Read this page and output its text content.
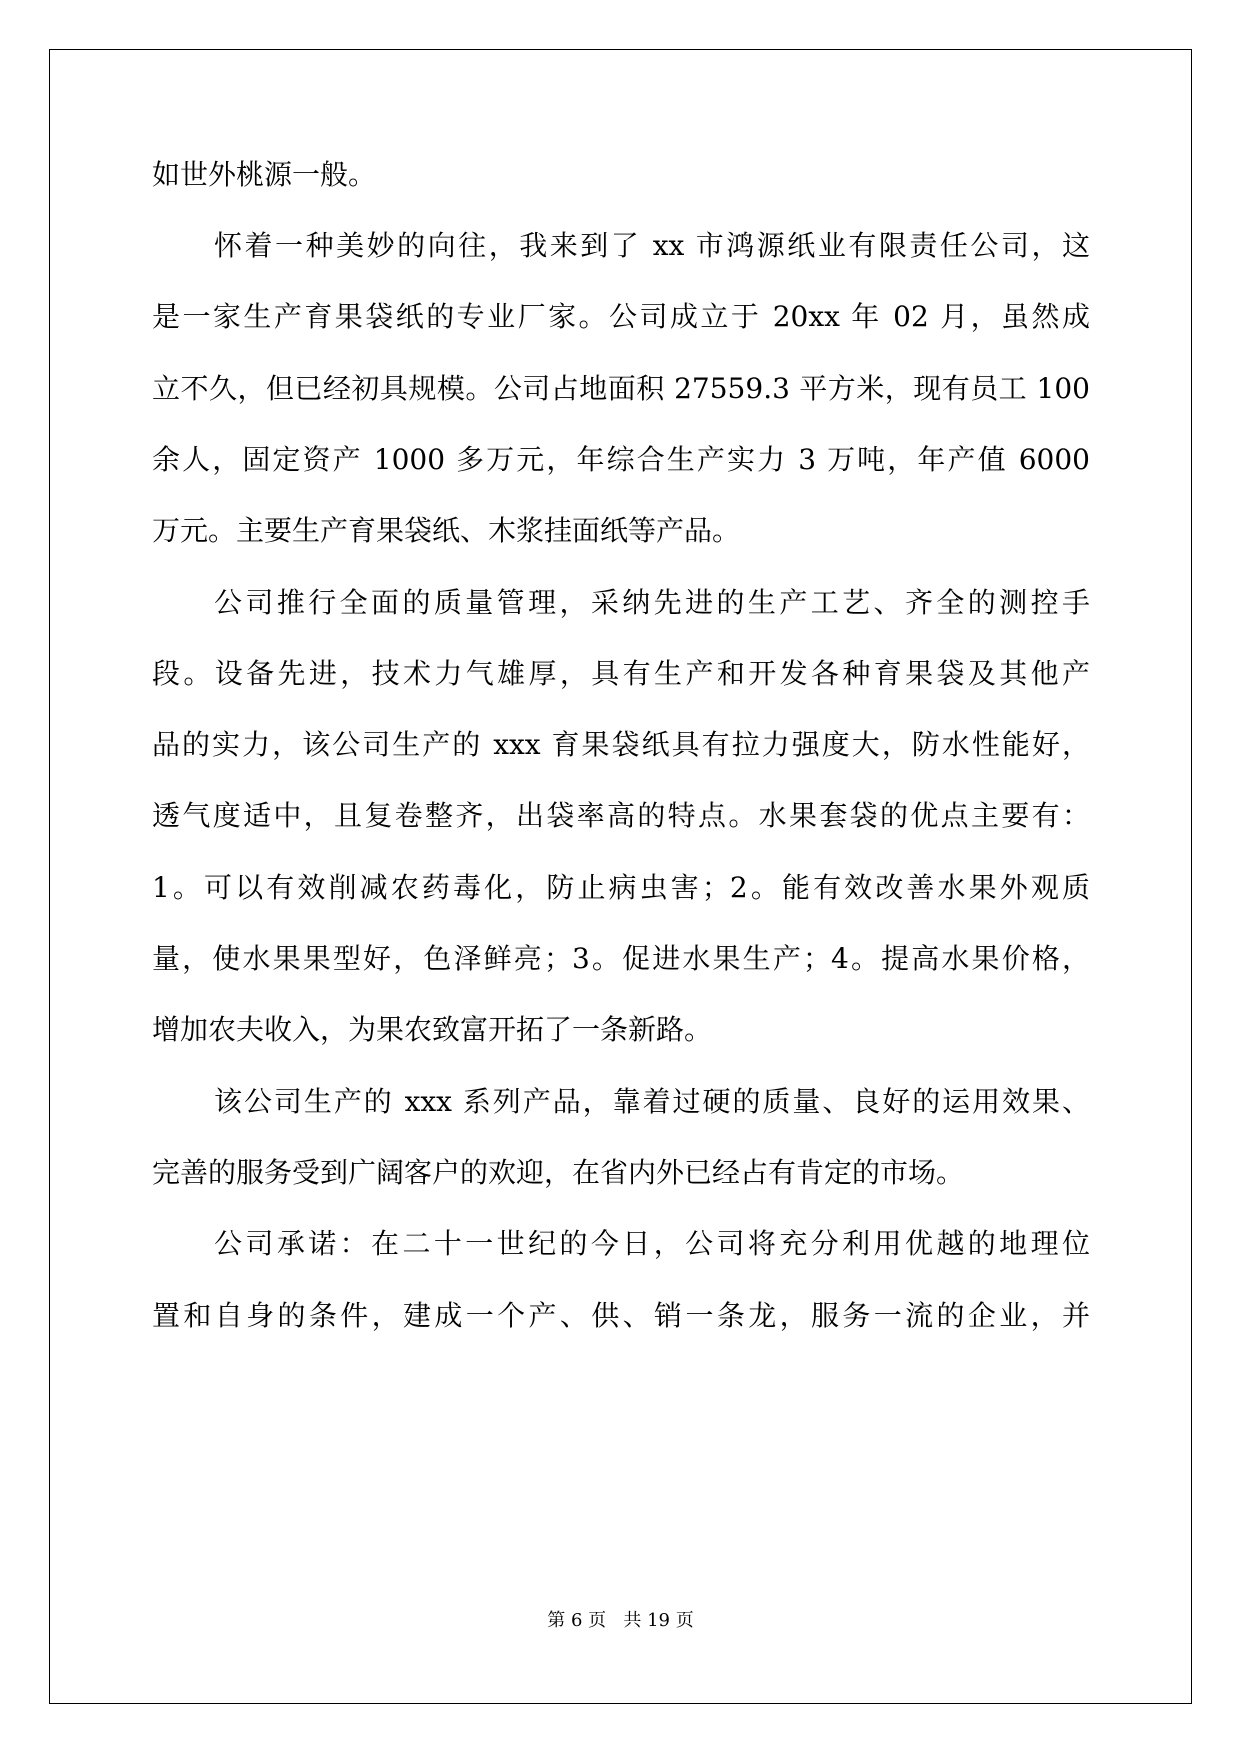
如世外桃源一般。
怀着一种美妙的向往，我来到了 xx 市鸿源纸业有限责任公司，这
是一家生产育果袋纸的专业厂家。公司成立于 20xx 年 02 月，虽然成
立不久，但已经初具规模。公司占地面积 27559.3 平方米，现有员工 100
余人，固定资产 1000 多万元，年综合生产实力 3 万吨，年产值 6000
万元。主要生产育果袋纸、木浆挂面纸等产品。
公司推行全面的质量管理，采纳先进的生产工艺、齐全的测控手
段。设备先进，技术力气雄厚，具有生产和开发各种育果袋及其他产
品的实力，该公司生产的 xxx 育果袋纸具有拉力强度大，防水性能好，
透气度适中，且复卷整齐，出袋率高的特点。水果套袋的优点主要有：
1。可以有效削减农药毒化，防止病虫害；2。能有效改善水果外观质
量，使水果果型好，色泽鲜亮；3。促进水果生产；4。提高水果价格，
增加农夫收入，为果农致富开拓了一条新路。
该公司生产的 xxx 系列产品，靠着过硬的质量、良好的运用效果、
完善的服务受到广阔客户的欢迎，在省内外已经占有肯定的市场。
公司承诺：在二十一世纪的今日，公司将充分利用优越的地理位
置和自身的条件，建成一个产、供、销一条龙，服务一流的企业，并
第 6 页   共 19 页
